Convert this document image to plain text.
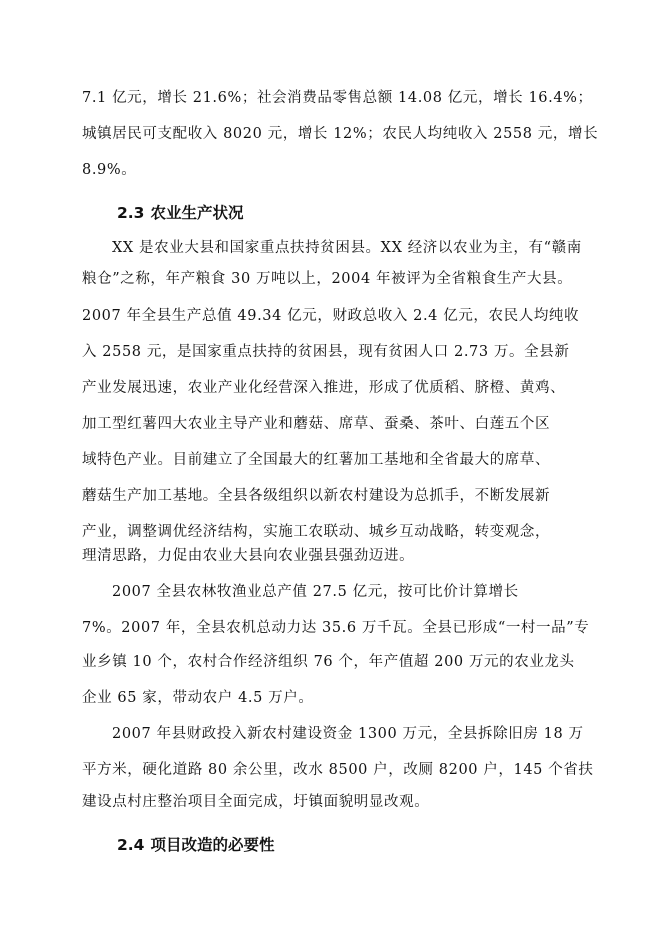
7.1 亿元，增长 21.6%；社会消费品零售总额 14.08 亿元，增长 16.4%；
城镇居民可支配收入 8020 元，增长 12%；农民人均纯收入 2558 元，增长
8.9%。
2.3 农业生产状况
XX 是农业大县和国家重点扶持贫困县。XX 经济以农业为主，有“赣南
粮仓”之称，年产粮食 30 万吨以上，2004 年被评为全省粮食生产大县。
2007 年全县生产总值 49.34 亿元，财政总收入 2.4 亿元，农民人均纯收
入 2558 元，是国家重点扶持的贫困县，现有贫困人口 2.73 万。全县新
产业发展迅速，农业产业化经营深入推进，形成了优质稻、脐橙、黄鸡、
加工型红薯四大农业主导产业和蘑菇、席草、蚕桑、茶叶、白莲五个区
域特色产业。目前建立了全国最大的红薯加工基地和全省最大的席草、
蘑菇生产加工基地。全县各级组织以新农村建设为总抓手，不断发展新
产业，调整调优经济结构，实施工农联动、城乡互动战略，转变观念，
理清思路，力促由农业大县向农业强县强劲迈进。
2007 全县农林牧渔业总产值 27.5 亿元，按可比价计算增长
7%。2007 年，全县农机总动力达 35.6 万千瓦。全县已形成“一村一品”专
业乡镇 10 个，农村合作经济组织 76 个，年产值超 200 万元的农业龙头
企业 65 家，带动农户 4.5 万户。
2007 年县财政投入新农村建设资金 1300 万元，全县拆除旧房 18 万
平方米，硬化道路 80 余公里，改水 8500 户，改厕 8200 户，145 个省扶
建设点村庄整治项目全面完成，圩镇面貌明显改观。
2.4 项目改造的必要性
